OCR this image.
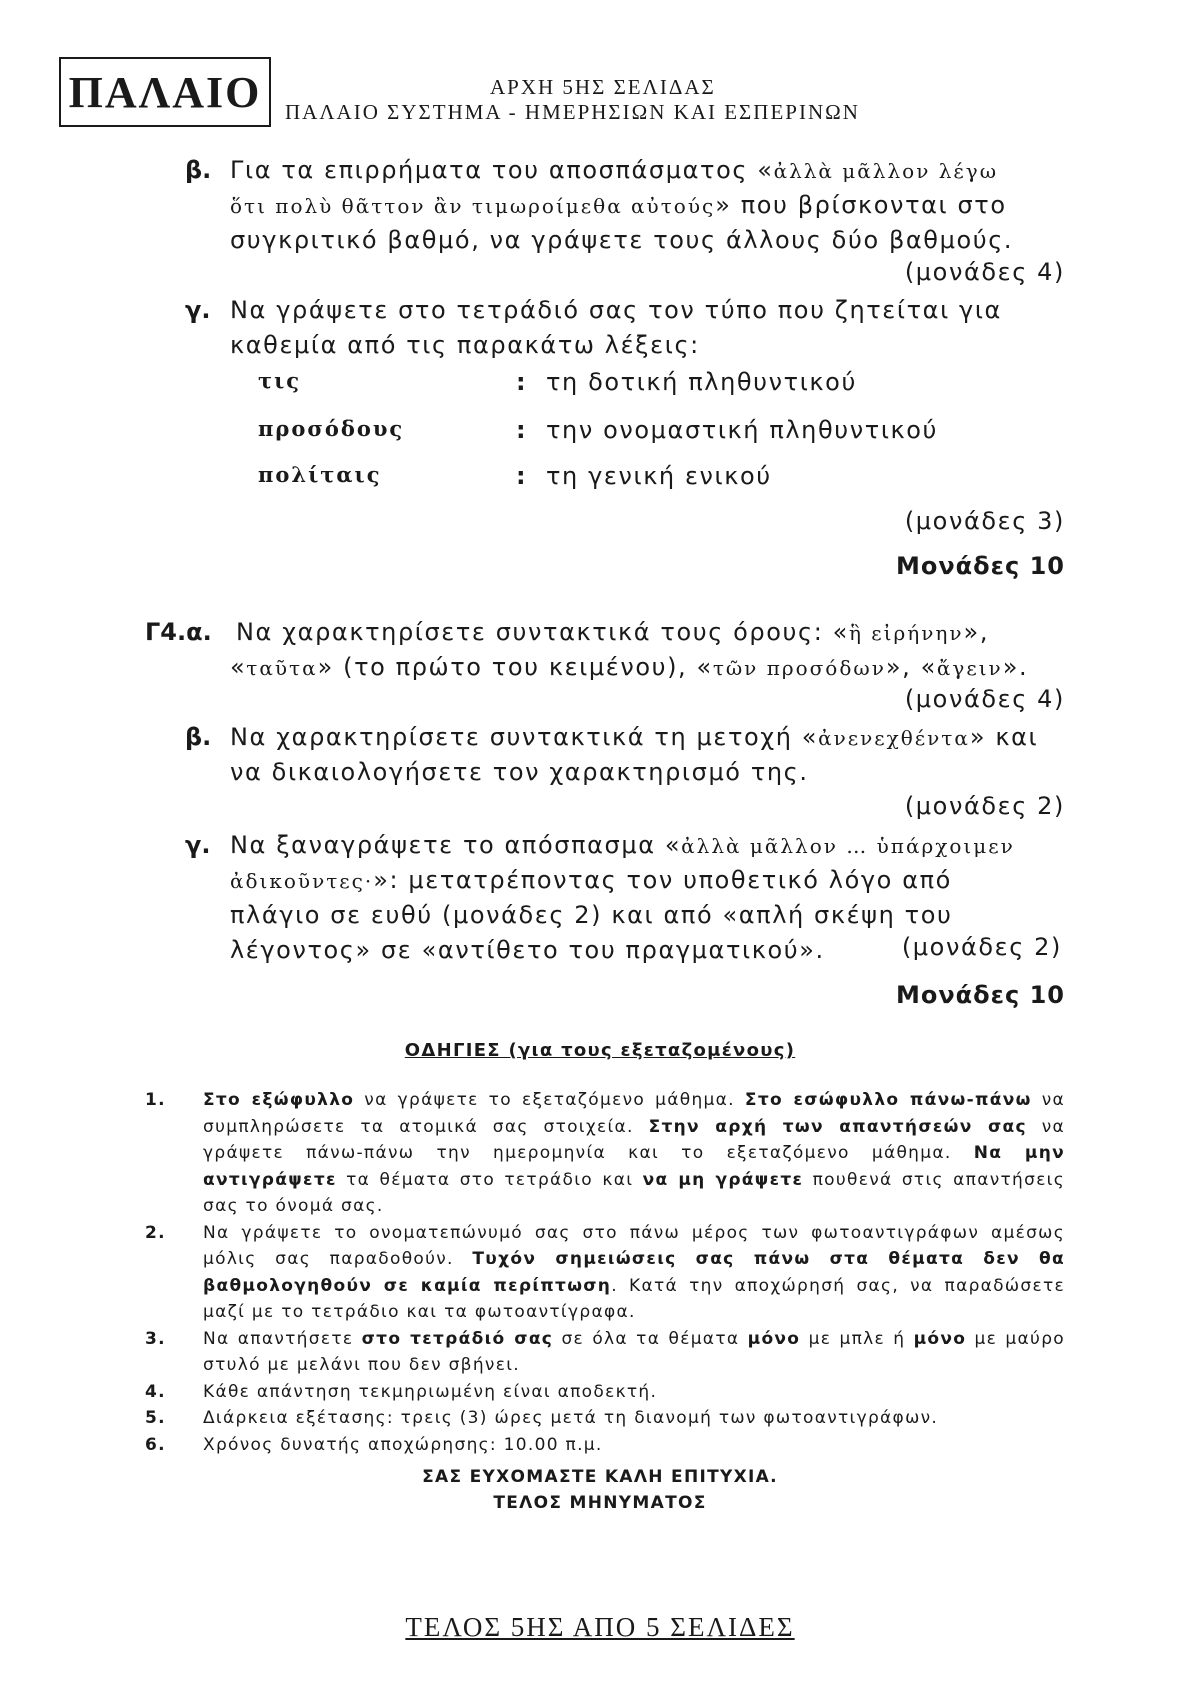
ΠΑΛΑΙΟ	ΑΡΧΗ 5ΗΣ ΣΕΛΙΔΑΣ
ΠΑΛΑΙΟ ΣΥΣΤΗΜΑ - ΗΜΕΡΗΣΙΩΝ ΚΑΙ ΕΣΠΕΡΙΝΩΝ
β. Για τα επιρρήματα του αποσπάσματος «ἀλλὰ μᾶλλον λέγω
ὅτι πολὺ θᾶττον ἂν τιμωροίμεθα αὐτούς» που βρίσκονται στο
συγκριτικό βαθμό, να γράψετε τους άλλους δύο βαθμούς.
(μονάδες 4)
γ. Να γράψετε στο τετράδιό σας τον τύπο που ζητείται για
καθεμία από τις παρακάτω λέξεις:
τις	: τη δοτική πληθυντικού
προσόδους	: την ονομαστική πληθυντικού
πολίταις	: τη γενική ενικού
(μονάδες 3)
Μονάδες 10
Γ4.α. Να χαρακτηρίσετε συντακτικά τους όρους: «ἣ εἰρήνην»,
«ταῦτα» (το πρώτο του κειμένου), «τῶν προσόδων», «ἄγειν».
(μονάδες 4)
β. Να χαρακτηρίσετε συντακτικά τη μετοχή «ἀνενεχθέντα» και
να δικαιολογήσετε τον χαρακτηρισμό της.
(μονάδες 2)
γ. Να ξαναγράψετε το απόσπασμα «ἀλλὰ μᾶλλον … ὑπάρχοιμεν
ἀδικοῦντες·»: μετατρέποντας τον υποθετικό λόγο από
πλάγιο σε ευθύ (μονάδες 2) και από «απλή σκέψη του
λέγοντος» σε «αντίθετο του πραγματικού».	(μονάδες 2)
Μονάδες 10
ΟΔΗΓΙΕΣ (για τους εξεταζομένους)
1. Στο εξώφυλλο να γράψετε το εξεταζόμενο μάθημα. Στο εσώφυλλο πάνω-πάνω να συμπληρώσετε τα ατομικά σας στοιχεία. Στην αρχή των απαντήσεών σας να γράψετε πάνω-πάνω την ημερομηνία και το εξεταζόμενο μάθημα. Να μην αντιγράψετε τα θέματα στο τετράδιο και να μη γράψετε πουθενά στις απαντήσεις σας το όνομά σας.
2. Να γράψετε το ονοματεπώνυμό σας στο πάνω μέρος των φωτοαντιγράφων αμέσως μόλις σας παραδοθούν. Τυχόν σημειώσεις σας πάνω στα θέματα δεν θα βαθμολογηθούν σε καμία περίπτωση. Κατά την αποχώρησή σας, να παραδώσετε μαζί με το τετράδιο και τα φωτοαντίγραφα.
3. Να απαντήσετε στο τετράδιό σας σε όλα τα θέματα μόνο με μπλε ή μόνο με μαύρο στυλό με μελάνι που δεν σβήνει.
4. Κάθε απάντηση τεκμηριωμένη είναι αποδεκτή.
5. Διάρκεια εξέτασης: τρεις (3) ώρες μετά τη διανομή των φωτοαντιγράφων.
6. Χρόνος δυνατής αποχώρησης: 10.00 π.μ.
ΣΑΣ ΕΥΧΟΜΑΣΤΕ ΚΑΛΗ ΕΠΙΤΥΧΙΑ.
ΤΕΛΟΣ ΜΗΝΥΜΑΤΟΣ
ΤΕΛΟΣ 5ΗΣ ΑΠΟ 5 ΣΕΛΙΔΕΣ
